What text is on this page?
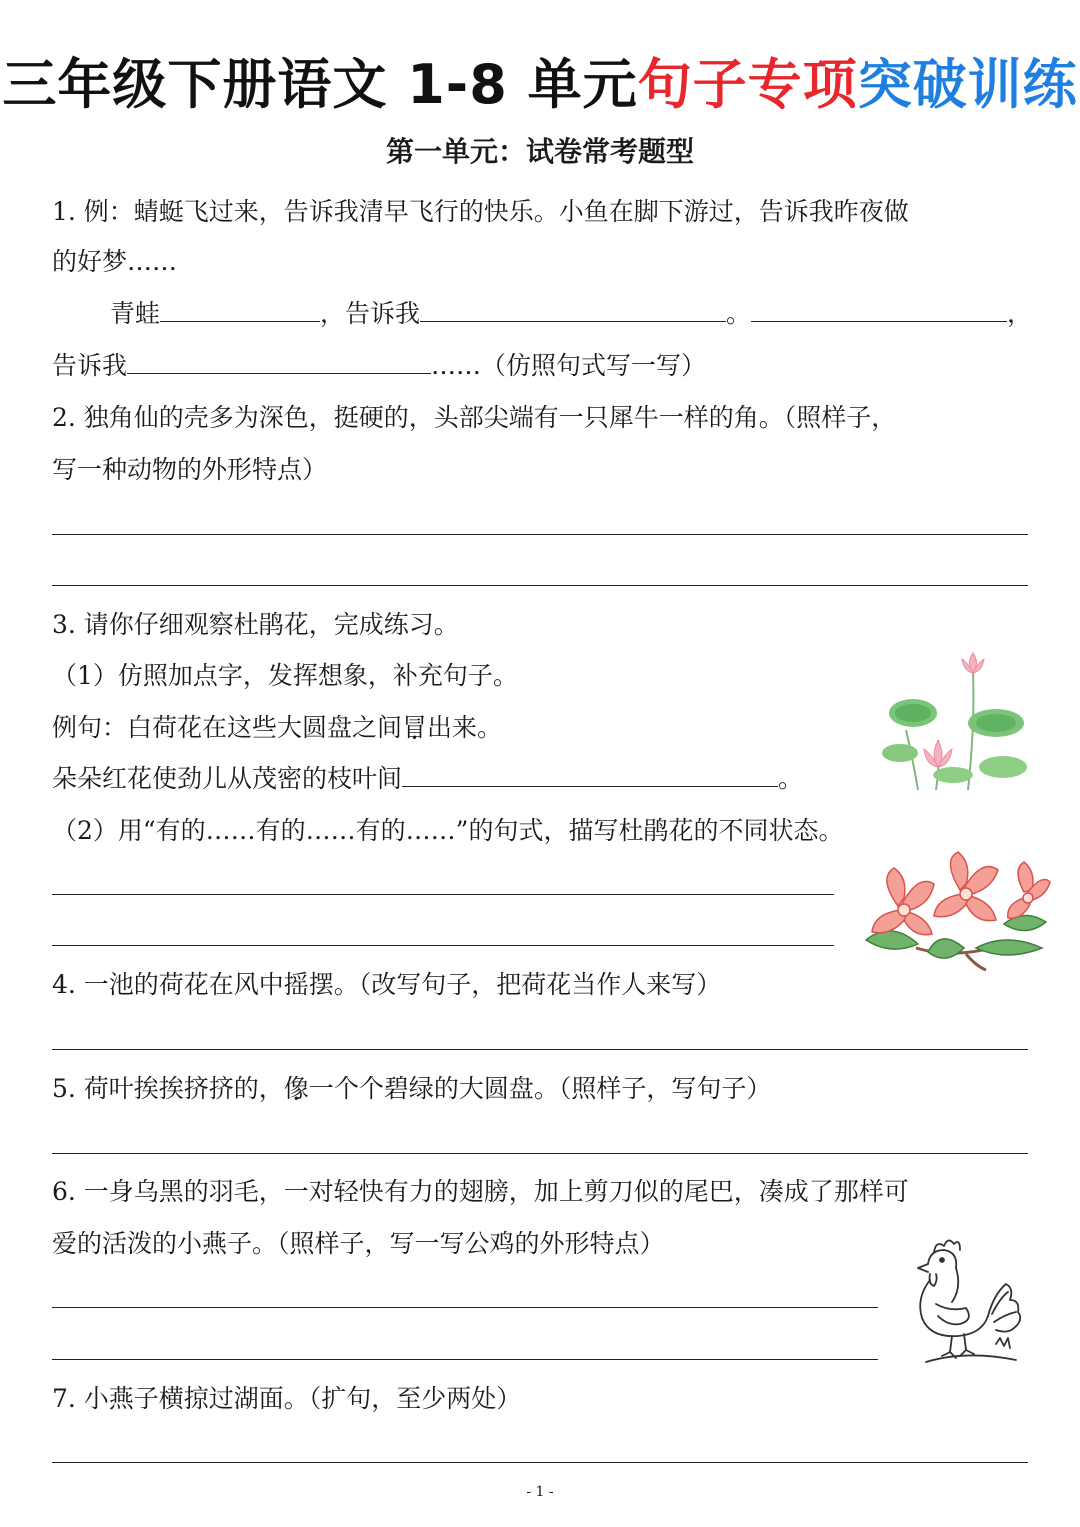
三年级下册语文 1-8 单元句子专项突破训练
第一单元：试卷常考题型
1. 例：蜻蜓飞过来，告诉我清早飞行的快乐。小鱼在脚下游过，告诉我昨夜做
的好梦……
青蛙	，告诉我	。	，
告诉我	……（仿照句式写一写）
2. 独角仙的壳多为深色，挺硬的，头部尖端有一只犀牛一样的角。（照样子，
写一种动物的外形特点）
3. 请你仔细观察杜鹃花，完成练习。
（1）仿照加点字，发挥想象，补充句子。
例句：白荷花在这些大圆盘之间冒出来。
朵朵红花使劲儿从茂密的枝叶间	。
（2）用“有的……有的……有的……”的句式，描写杜鹃花的不同状态。
4. 一池的荷花在风中摇摆。（改写句子，把荷花当作人来写）
5. 荷叶挨挨挤挤的，像一个个碧绿的大圆盘。（照样子，写句子）
6. 一身乌黑的羽毛，一对轻快有力的翅膀，加上剪刀似的尾巴，凑成了那样可
爱的活泼的小燕子。（照样子，写一写公鸡的外形特点）
7. 小燕子横掠过湖面。（扩句，至少两处）
- 1 -
